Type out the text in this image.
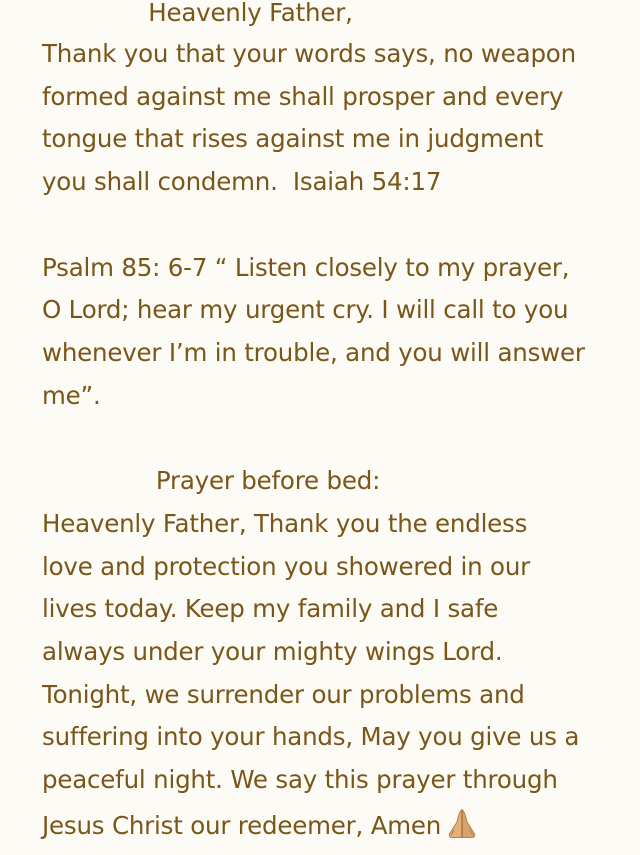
Heavenly Father,
Thank you that your words says, no weapon
formed against me shall prosper and every
tongue that rises against me in judgment
you shall condemn.  Isaiah 54:17
Psalm 85: 6-7 “ Listen closely to my prayer,
O Lord; hear my urgent cry. I will call to you
whenever I’m in trouble, and you will answer
me”.
Prayer before bed:
Heavenly Father, Thank you the endless
love and protection you showered in our
lives today. Keep my family and I safe
always under your mighty wings Lord.
Tonight, we surrender our problems and
suffering into your hands, May you give us a
peaceful night. We say this prayer through
Jesus Christ our redeemer, Amen
